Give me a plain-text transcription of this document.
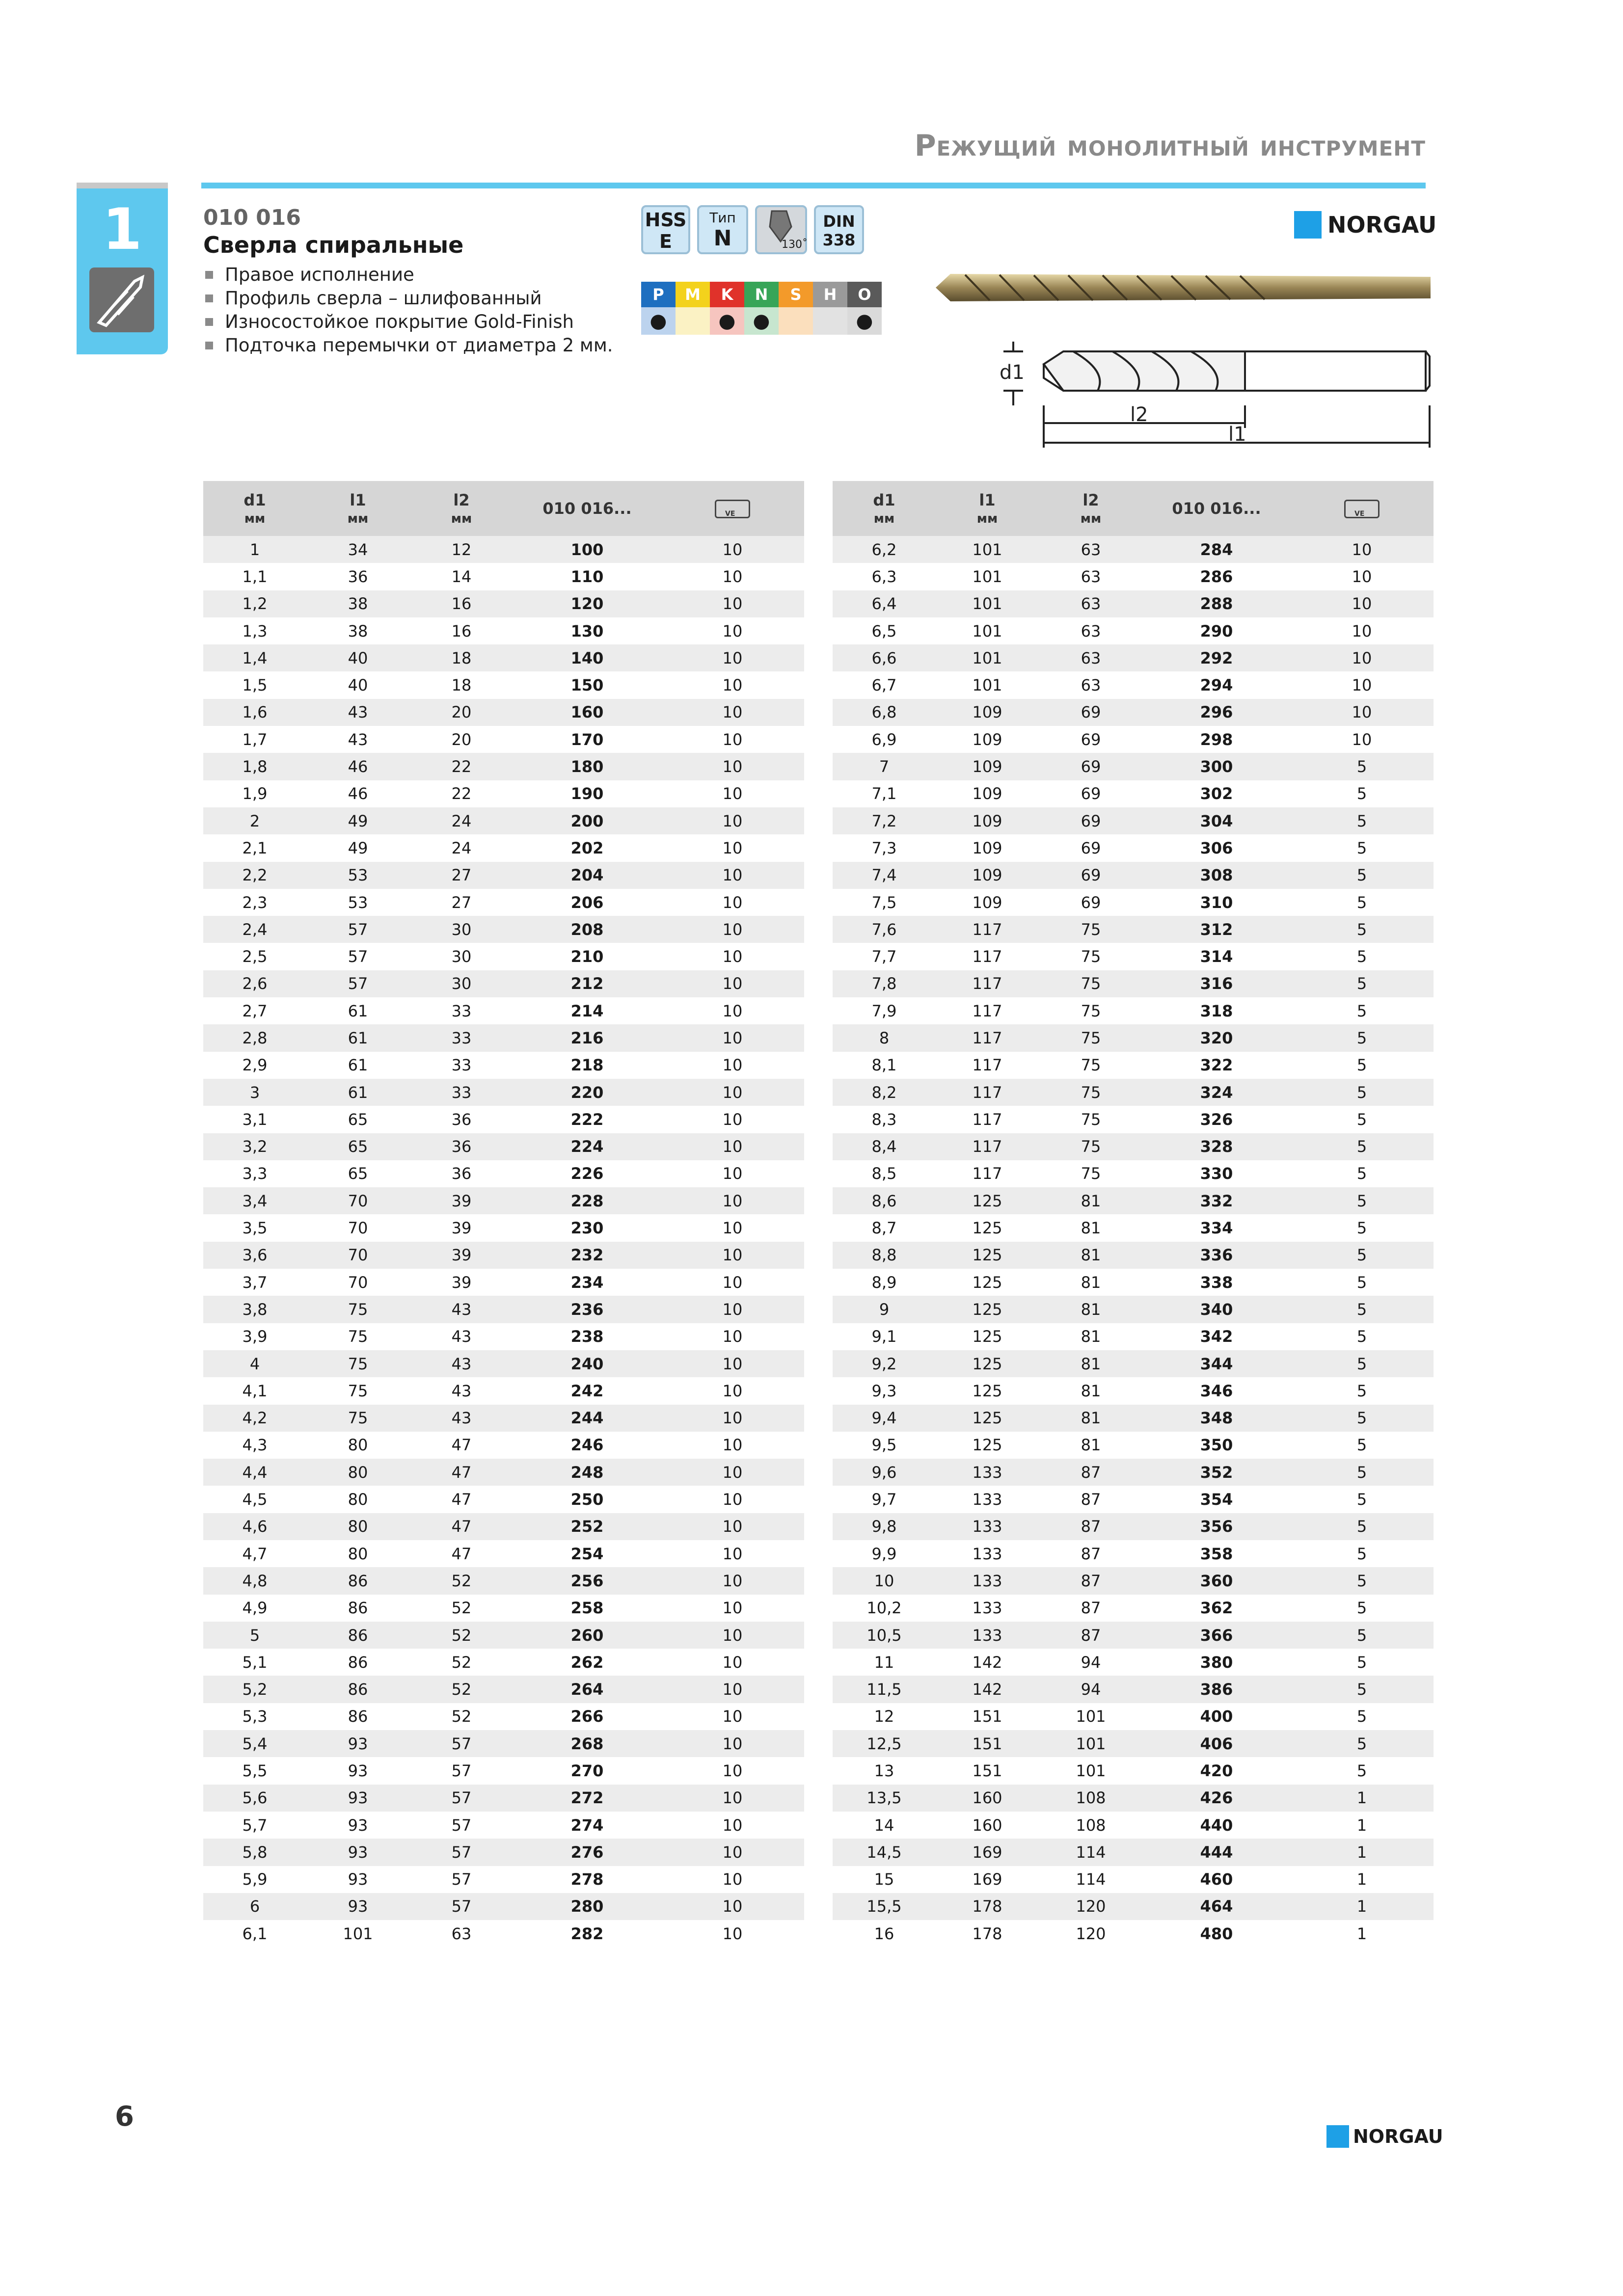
Режущий монолитный инструмент
1	010 016
Сверла спиральные
Правое исполнение
Профиль сверла – шлифованный
Износостойкое покрытие Gold-Finish
Подточка перемычки от диаметра 2 мм.
HSS
E
Тип
N	130˚
DIN
338
P
●
M	K
●
N
●
S	H	O
●
NORGAU
d1
l2
l1
d1
мм	l1
мм	l2
мм	010 016...	VE

1	34	12	100	10
1,1	36	14	110	10
1,2	38	16	120	10
1,3	38	16	130	10
1,4	40	18	140	10
1,5	40	18	150	10
1,6	43	20	160	10
1,7	43	20	170	10
1,8	46	22	180	10
1,9	46	22	190	10
2	49	24	200	10
2,1	49	24	202	10
2,2	53	27	204	10
2,3	53	27	206	10
2,4	57	30	208	10
2,5	57	30	210	10
2,6	57	30	212	10
2,7	61	33	214	10
2,8	61	33	216	10
2,9	61	33	218	10
3	61	33	220	10
3,1	65	36	222	10
3,2	65	36	224	10
3,3	65	36	226	10
3,4	70	39	228	10
3,5	70	39	230	10
3,6	70	39	232	10
3,7	70	39	234	10
3,8	75	43	236	10
3,9	75	43	238	10
4	75	43	240	10
4,1	75	43	242	10
4,2	75	43	244	10
4,3	80	47	246	10
4,4	80	47	248	10
4,5	80	47	250	10
4,6	80	47	252	10
4,7	80	47	254	10
4,8	86	52	256	10
4,9	86	52	258	10
5	86	52	260	10
5,1	86	52	262	10
5,2	86	52	264	10
5,3	86	52	266	10
5,4	93	57	268	10
5,5	93	57	270	10
5,6	93	57	272	10
5,7	93	57	274	10
5,8	93	57	276	10
5,9	93	57	278	10
6	93	57	280	10
6,1	101	63	282	10
d1
мм	l1
мм	l2
мм	010 016...	VE

6,2	101	63	284	10
6,3	101	63	286	10
6,4	101	63	288	10
6,5	101	63	290	10
6,6	101	63	292	10
6,7	101	63	294	10
6,8	109	69	296	10
6,9	109	69	298	10
7	109	69	300	5
7,1	109	69	302	5
7,2	109	69	304	5
7,3	109	69	306	5
7,4	109	69	308	5
7,5	109	69	310	5
7,6	117	75	312	5
7,7	117	75	314	5
7,8	117	75	316	5
7,9	117	75	318	5
8	117	75	320	5
8,1	117	75	322	5
8,2	117	75	324	5
8,3	117	75	326	5
8,4	117	75	328	5
8,5	117	75	330	5
8,6	125	81	332	5
8,7	125	81	334	5
8,8	125	81	336	5
8,9	125	81	338	5
9	125	81	340	5
9,1	125	81	342	5
9,2	125	81	344	5
9,3	125	81	346	5
9,4	125	81	348	5
9,5	125	81	350	5
9,6	133	87	352	5
9,7	133	87	354	5
9,8	133	87	356	5
9,9	133	87	358	5
10	133	87	360	5
10,2	133	87	362	5
10,5	133	87	366	5
11	142	94	380	5
11,5	142	94	386	5
12	151	101	400	5
12,5	151	101	406	5
13	151	101	420	5
13,5	160	108	426	1
14	160	108	440	1
14,5	169	114	444	1
15	169	114	460	1
15,5	178	120	464	1
16	178	120	480	1
6
NORGAU
